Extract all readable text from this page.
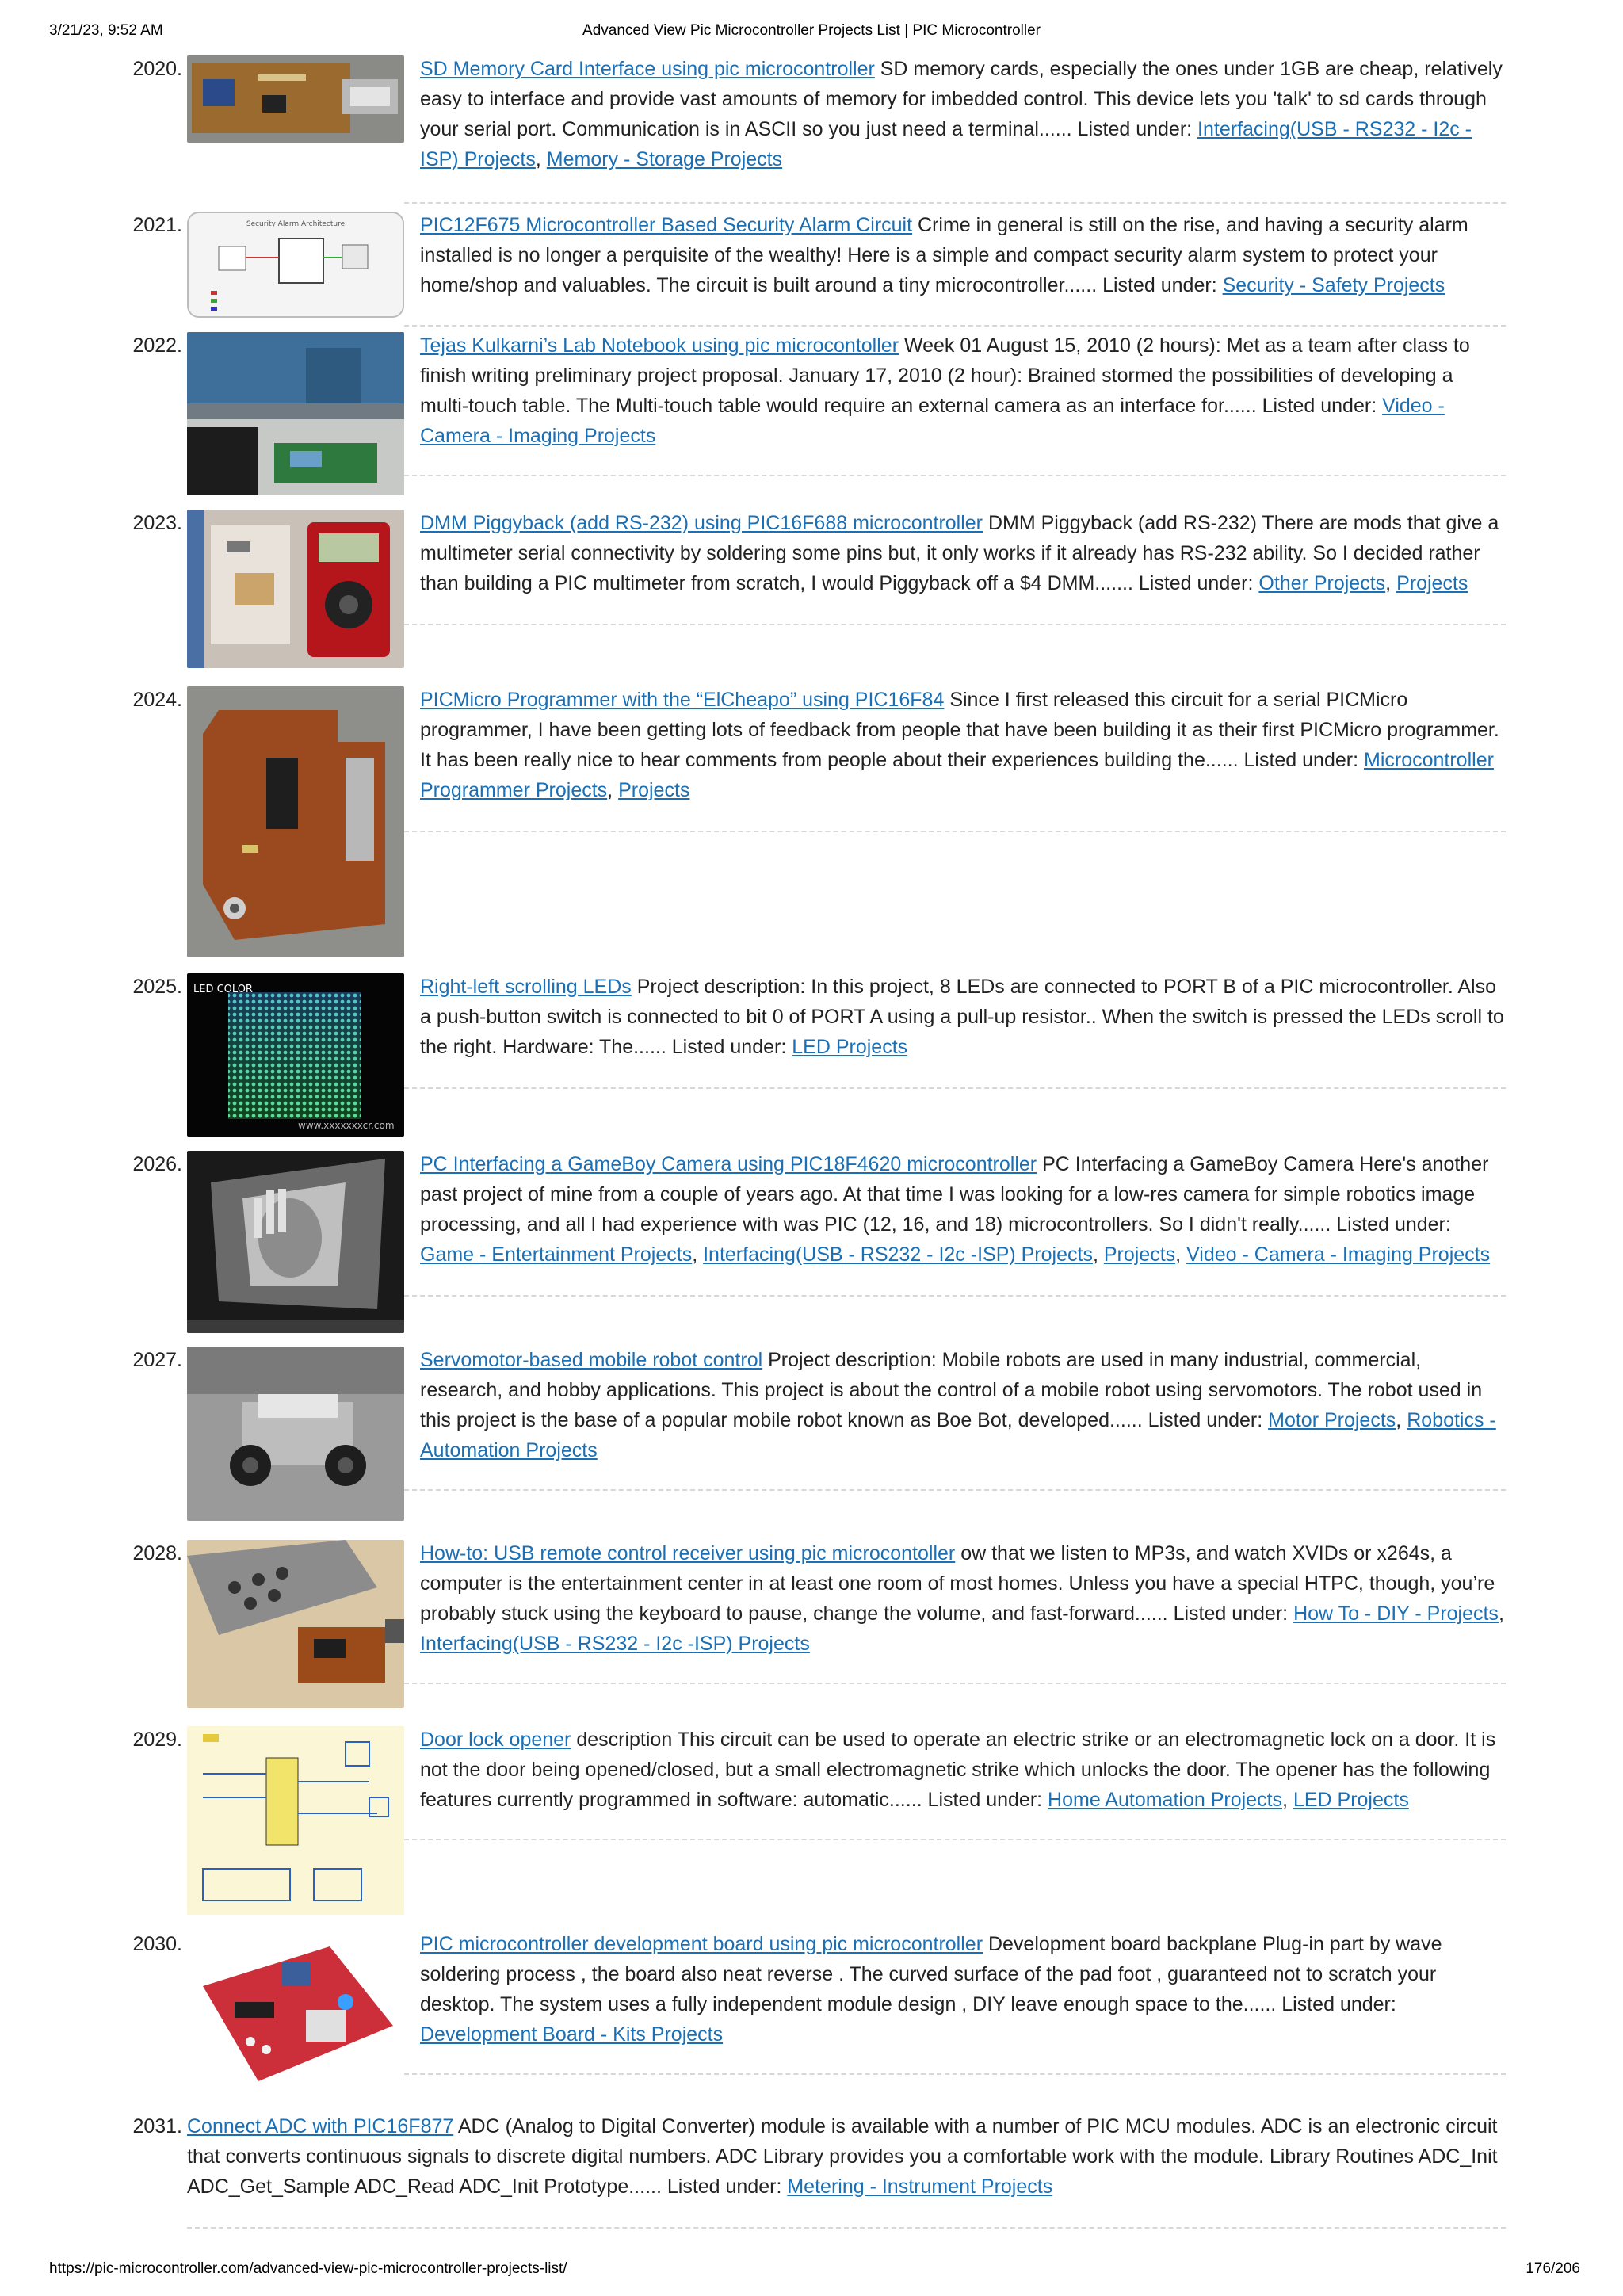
3/21/23, 9:52 AM	Advanced View Pic Microcontroller Projects List | PIC Microcontroller
2020.	SD Memory Card Interface using pic microcontroller SD memory cards, especially the ones under 1GB are cheap, relatively easy to interface and provide vast amounts of memory for imbedded control. This device lets you 'talk' to sd cards through your serial port. Communication is in ASCII so you just need a terminal...... Listed under: Interfacing(USB - RS232 - I2c -ISP) Projects, Memory - Storage Projects
2021.	Security Alarm Architecture	PIC12F675 Microcontroller Based Security Alarm Circuit Crime in general is still on the rise, and having a security alarm installed is no longer a perquisite of the wealthy! Here is a simple and compact security alarm system to protect your home/shop and valuables. The circuit is built around a tiny microcontroller...... Listed under: Security - Safety Projects
2022.	Tejas Kulkarni’s Lab Notebook using pic microcontoller Week 01 August 15, 2010 (2 hours): Met as a team after class to finish writing preliminary project proposal. January 17, 2010 (2 hour): Brained stormed the possibilities of developing a multi-touch table. The Multi-touch table would require an external camera as an interface for...... Listed under: Video - Camera - Imaging Projects
2023.	DMM Piggyback (add RS-232) using PIC16F688 microcontroller DMM Piggyback (add RS-232) There are mods that give a multimeter serial connectivity by soldering some pins but, it only works if it already has RS-232 ability. So I decided rather than building a PIC multimeter from scratch, I would Piggyback off a $4 DMM....... Listed under: Other Projects, Projects
2024.	PICMicro Programmer with the “ElCheapo” using PIC16F84 Since I first released this circuit for a serial PICMicro programmer, I have been getting lots of feedback from people that have been building it as their first PICMicro programmer. It has been really nice to hear comments from people about their experiences building the...... Listed under: Microcontroller Programmer Projects, Projects
2025. LED COLOR
www.xxxxxxxcr.com
Right-left scrolling LEDs Project description: In this project, 8 LEDs are connected to PORT B of a PIC microcontroller. Also a push-button switch is connected to bit 0 of PORT A using a pull-up resistor.. When the switch is pressed the LEDs scroll to the right. Hardware: The...... Listed under: LED Projects
2026.	PC Interfacing a GameBoy Camera using PIC18F4620 microcontroller PC Interfacing a GameBoy Camera Here's another past project of mine from a couple of years ago. At that time I was looking for a low-res camera for simple robotics image processing, and all I had experience with was PIC (12, 16, and 18) microcontrollers. So I didn't really...... Listed under: Game - Entertainment Projects, Interfacing(USB - RS232 - I2c -ISP) Projects, Projects, Video - Camera - Imaging Projects
2027.	Servomotor-based mobile robot control Project description: Mobile robots are used in many industrial, commercial, research, and hobby applications. This project is about the control of a mobile robot using servomotors. The robot used in this project is the base of a popular mobile robot known as Boe Bot, developed...... Listed under: Motor Projects, Robotics - Automation Projects
2028.	How-to: USB remote control receiver using pic microcontoller ow that we listen to MP3s, and watch XVIDs or x264s, a computer is the entertainment center in at least one room of most homes. Unless you have a special HTPC, though, you’re probably stuck using the keyboard to pause, change the volume, and fast-forward...... Listed under: How To - DIY - Projects, Interfacing(USB - RS232 - I2c -ISP) Projects
2029.	Door lock opener description This circuit can be used to operate an electric strike or an electromagnetic lock on a door. It is not the door being opened/closed, but a small electromagnetic strike which unlocks the door. The opener has the following features currently programmed in software: automatic...... Listed under: Home Automation Projects, LED Projects
2030.	PIC microcontroller development board using pic microcontroller Development board backplane Plug-in part by wave soldering process , the board also neat reverse . The curved surface of the pad foot , guaranteed not to scratch your desktop. The system uses a fully independent module design , DIY leave enough space to the...... Listed under: Development Board - Kits Projects
2031. Connect ADC with PIC16F877 ADC (Analog to Digital Converter) module is available with a number of PIC MCU modules. ADC is an electronic circuit that converts continuous signals to discrete digital numbers. ADC Library provides you a comfortable work with the module. Library Routines ADC_Init ADC_Get_Sample ADC_Read ADC_Init Prototype...... Listed under: Metering - Instrument Projects
https://pic-microcontroller.com/advanced-view-pic-microcontroller-projects-list/	176/206
